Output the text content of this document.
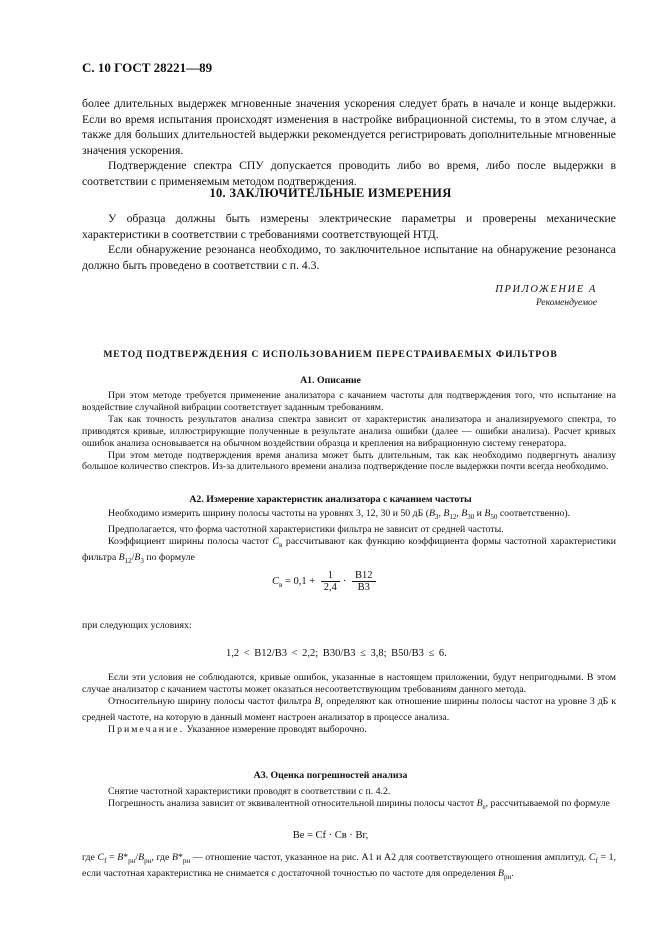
С. 10 ГОСТ 28221—89

более длительных выдержек мгновенные значения ускорения следует брать в начале и конце выдержки. Если во время испытания происходят изменения в настройке вибрационной системы, то в этом случае, а также для больших длительностей выдержки рекомендуется регистрировать дополнительные мгновенные значения ускорения.

Подтверждение спектра СПУ допускается проводить либо во время, либо после выдержки в соответствии с применяемым методом подтверждения.

10. ЗАКЛЮЧИТЕЛЬНЫЕ ИЗМЕРЕНИЯ

У образца должны быть измерены электрические параметры и проверены механические характеристики в соответствии с требованиями соответствующей НТД.

Если обнаружение резонанса необходимо, то заключительное испытание на обнаружение резонанса должно быть проведено в соответствии с п. 4.3.

ПРИЛОЖЕНИЕ А
Рекомендуемое
МЕТОД ПОДТВЕРЖДЕНИЯ С ИСПОЛЬЗОВАНИЕМ ПЕРЕСТРАИВАЕМЫХ ФИЛЬТРОВ
А1. Описание

При этом методе требуется применение анализатора с качанием частоты для подтверждения того, что испытание на воздействие случайной вибрации соответствует заданным требованиям.

Так как точность результатов анализа спектра зависит от характеристик анализатора и анализируемого спектра, то приводятся кривые, иллюстрирующие полученные в результате анализа ошибки (далее — ошибки анализа). Расчет кривых ошибок анализа основывается на обычном воздействии образца и крепления на вибрационную систему генератора.

При этом методе подтверждения время анализа может быть длительным, так как необходимо подвергнуть анализу большое количество спектров. Из-за длительного времени анализа подтверждение после выдержки почти всегда необходимо.

А2. Измерение характеристик анализатора с качанием частоты

Необходимо измерить ширину полосы частоты на уровнях 3, 12, 30 и 50 дБ ($B_3$, $B_{12}$, $B_{30}$ и $B_{50}$ соответственно).

Предполагается, что форма частотной характеристики фильтра не зависит от средней частоты.

Коэффициент ширины полосы частот $C_в$ рассчитывают как функцию коэффициента формы частотной характеристики фильтра $B_{12}/B_3$ по формуле

$C_в = 0,1 + \frac{1}{2,4} \cdot \frac{B12}{B3}$

при следующих условиях:

1,2 < B12/B3 < 2,2; B30/B3 ≤ 3,8; B50/B3 ≤ 6.

Если эти условия не соблюдаются, кривые ошибок, указанные в настоящем приложении, будут непригодными. В этом случае анализатор с качанием частоты может оказаться несоответствующим требованиям данного метода.

Относительную ширину полосы частот фильтра $B_г$ определяют как отношение ширины полосы частот на уровне 3 дБ к средней частоте, на которую в данный момент настроен анализатор в процессе анализа.

Примечание. Указанное измерение проводят выборочно.

А3. Оценка погрешностей анализа

Снятие частотной характеристики проводят в соответствии с п. 4.2.

Погрешность анализа зависит от эквивалентной относительной ширины полосы частот $B_е$, рассчитываемой по формуле

Bе = Cf · Cв · Bг,

где $C_f = B*_{рн}/B_{рн}$, где $B*_{рн}$ — отношение частот, указанное на рис. А1 и А2 для соответствующего отношения амплитуд. $C_f = 1$, если частотная характеристика не снимается с достаточной точностью по частоте для определения $B_{рн}$.
